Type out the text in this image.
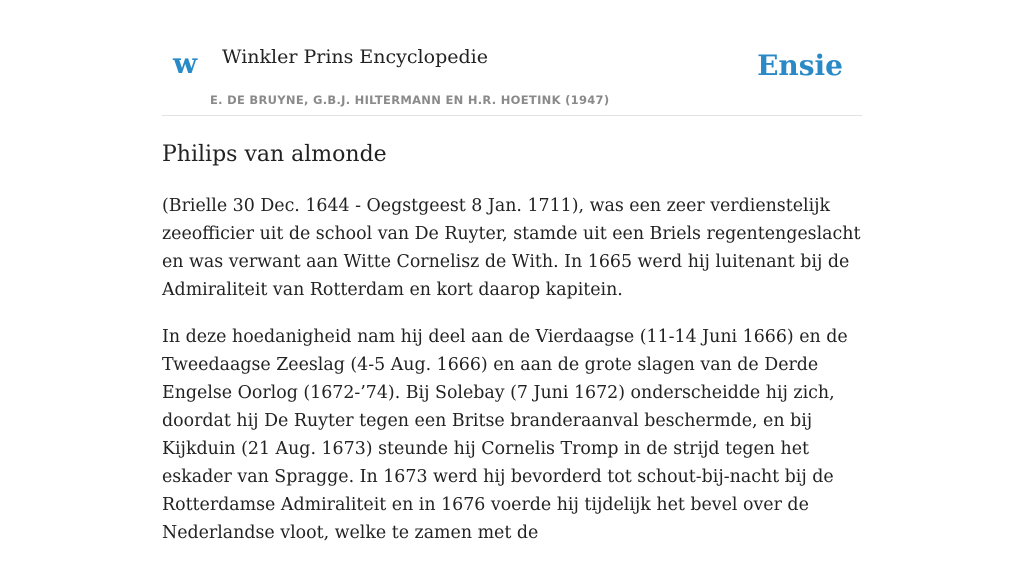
w Winkler Prins Encyclopedie
E. DE BRUYNE, G.B.J. HILTERMANN EN H.R. HOETINK (1947)
Ensie
Philips van almonde

(Brielle 30 Dec. 1644 - Oegstgeest 8 Jan. 1711), was een zeer verdienstelijk zeeofficier uit de school van De Ruyter, stamde uit een Briels regentengeslacht en was verwant aan Witte Cornelisz de With. In 1665 werd hij luitenant bij de Admiraliteit van Rotterdam en kort daarop kapitein.

In deze hoedanigheid nam hij deel aan de Vierdaagse (11-14 Juni 1666) en de Tweedaagse Zeeslag (4-5 Aug. 1666) en aan de grote slagen van de Derde Engelse Oorlog (1672-’74). Bij Solebay (7 Juni 1672) onderscheidde hij zich, doordat hij De Ruyter tegen een Britse branderaanval beschermde, en bij Kijkduin (21 Aug. 1673) steunde hij Cornelis Tromp in de strijd tegen het eskader van Spragge. In 1673 werd hij bevorderd tot schout-bij-nacht bij de Rotterdamse Admiraliteit en in 1676 voerde hij tijdelijk het bevel over de Nederlandse vloot, welke te zamen met de
